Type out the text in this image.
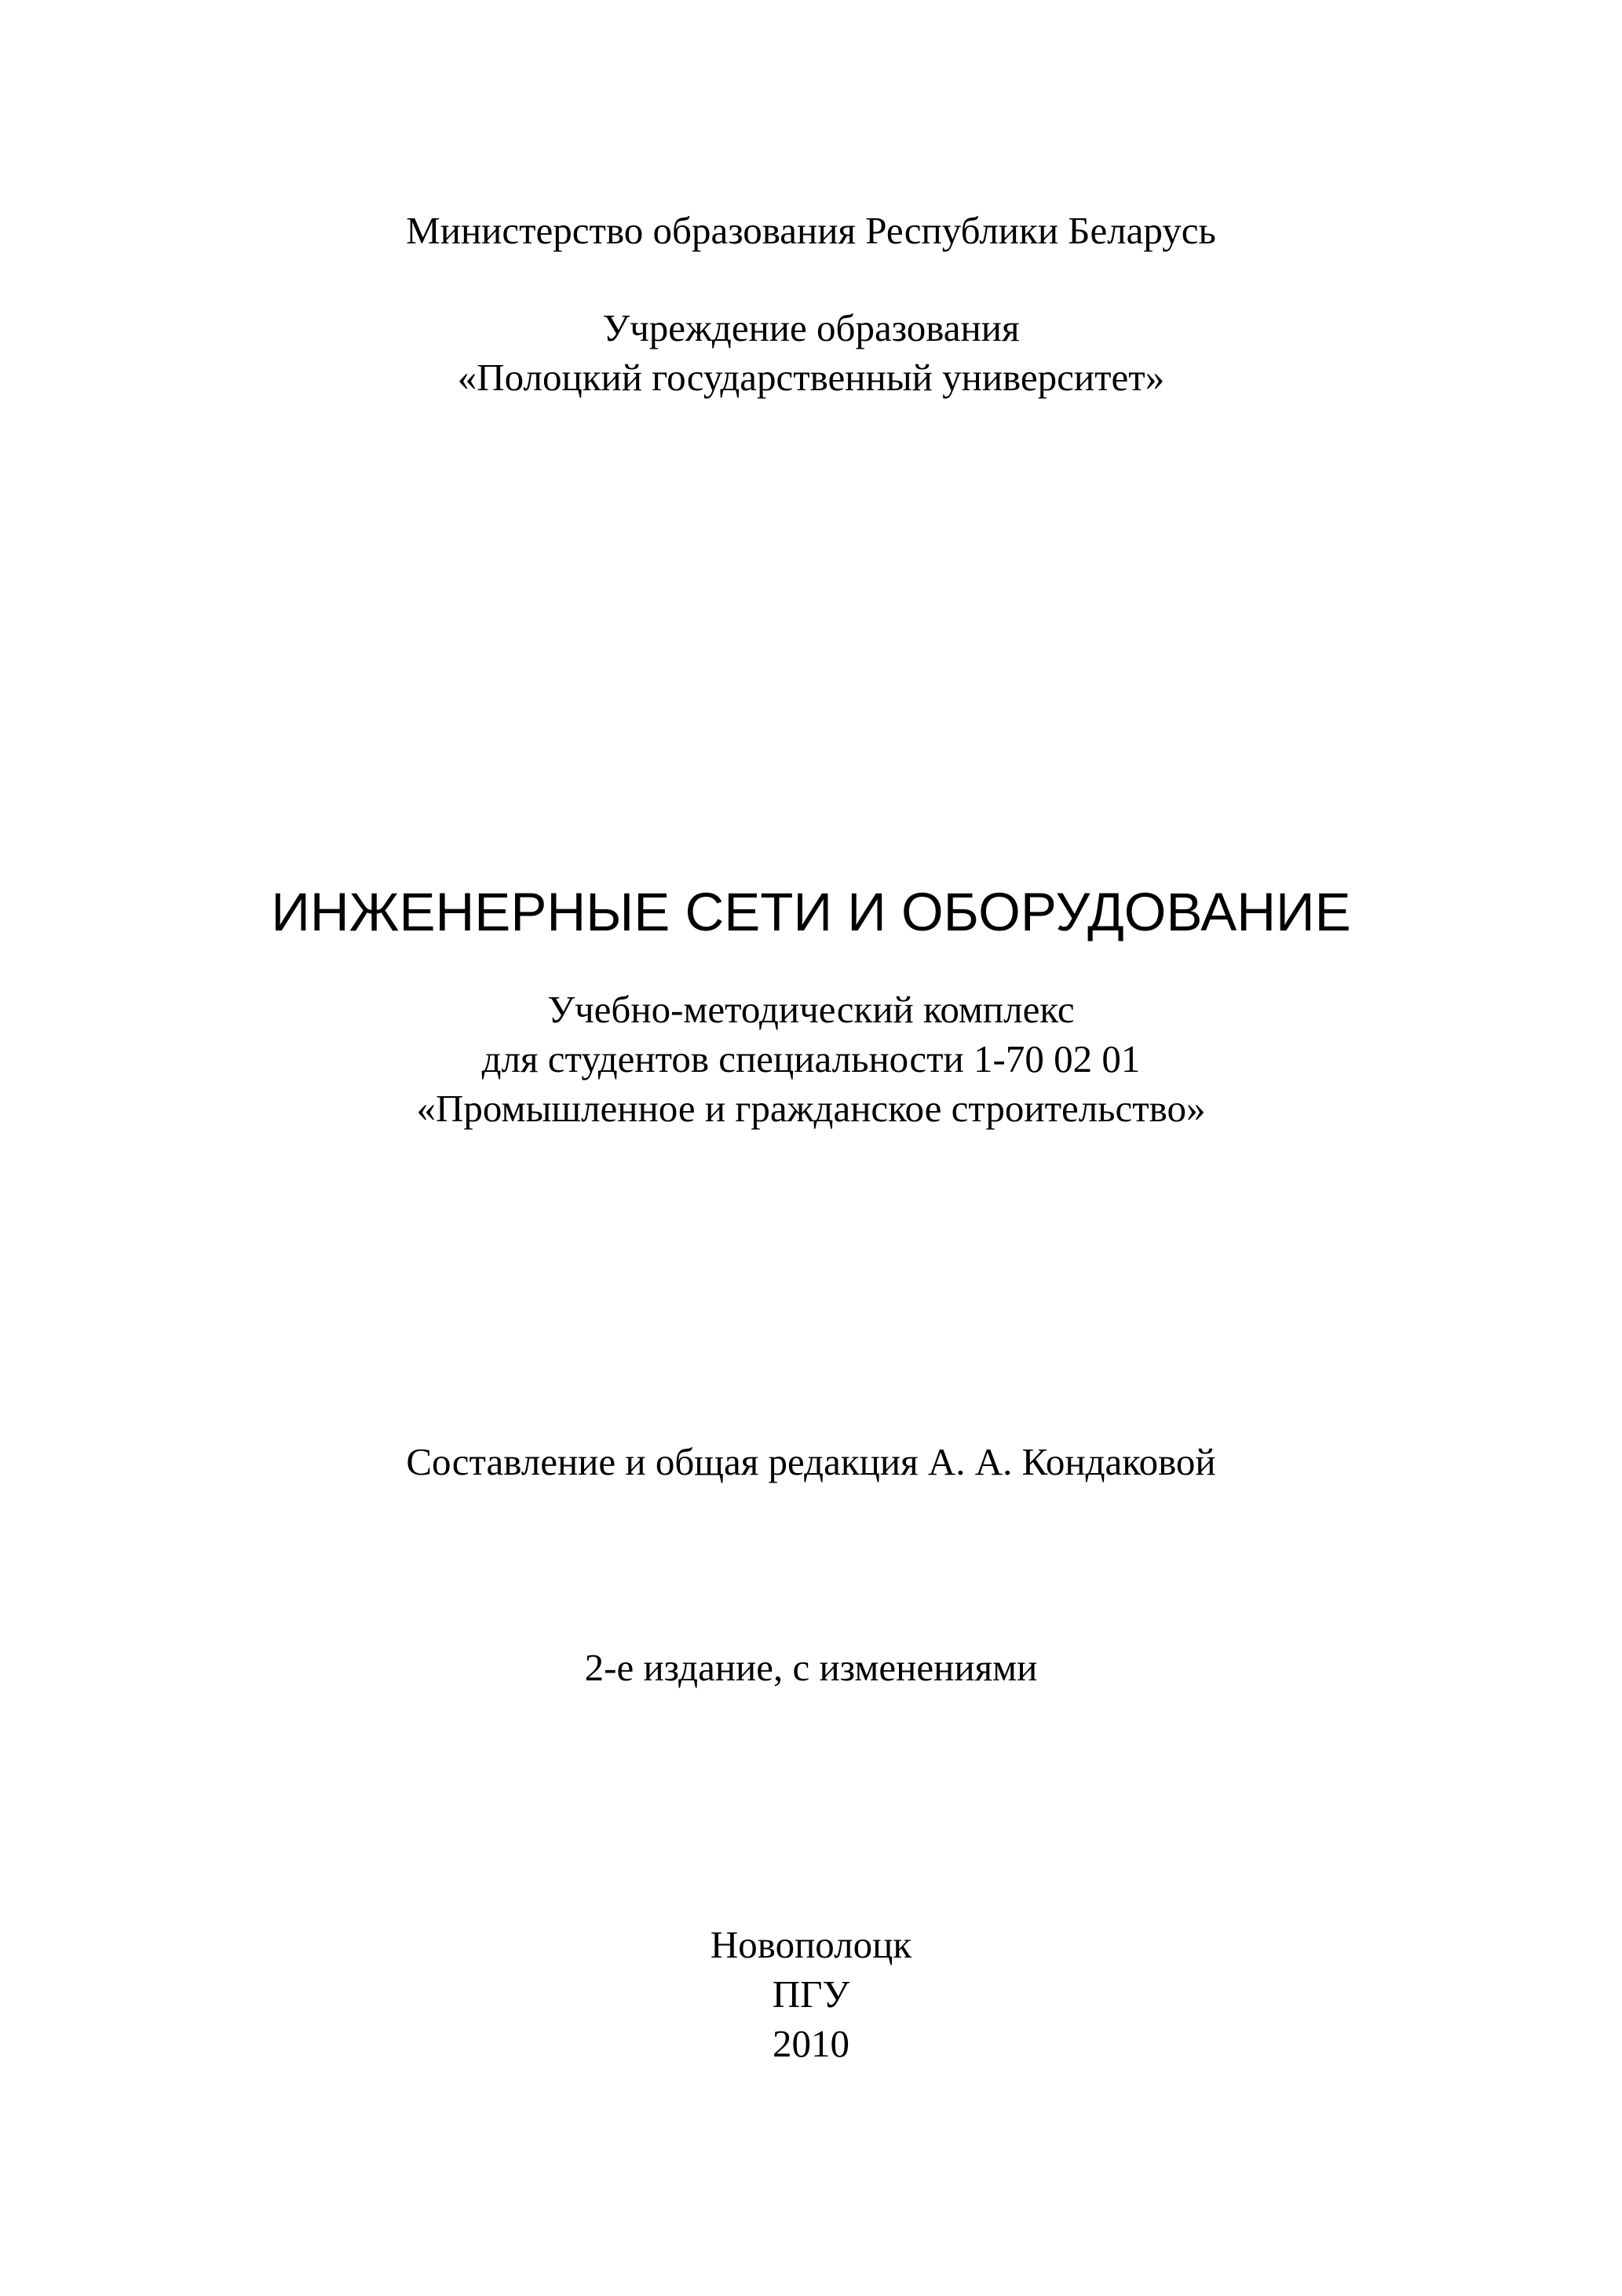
Министерство образования Республики Беларусь
Учреждение образования
«Полоцкий государственный университет»
ИНЖЕНЕРНЫЕ СЕТИ И ОБОРУДОВАНИЕ
Учебно-методический комплекс
для студентов специальности 1-70 02 01
«Промышленное и гражданское строительство»
Составление и общая редакция А. А. Кондаковой
2-е издание, с изменениями
Новополоцк
ПГУ
2010
